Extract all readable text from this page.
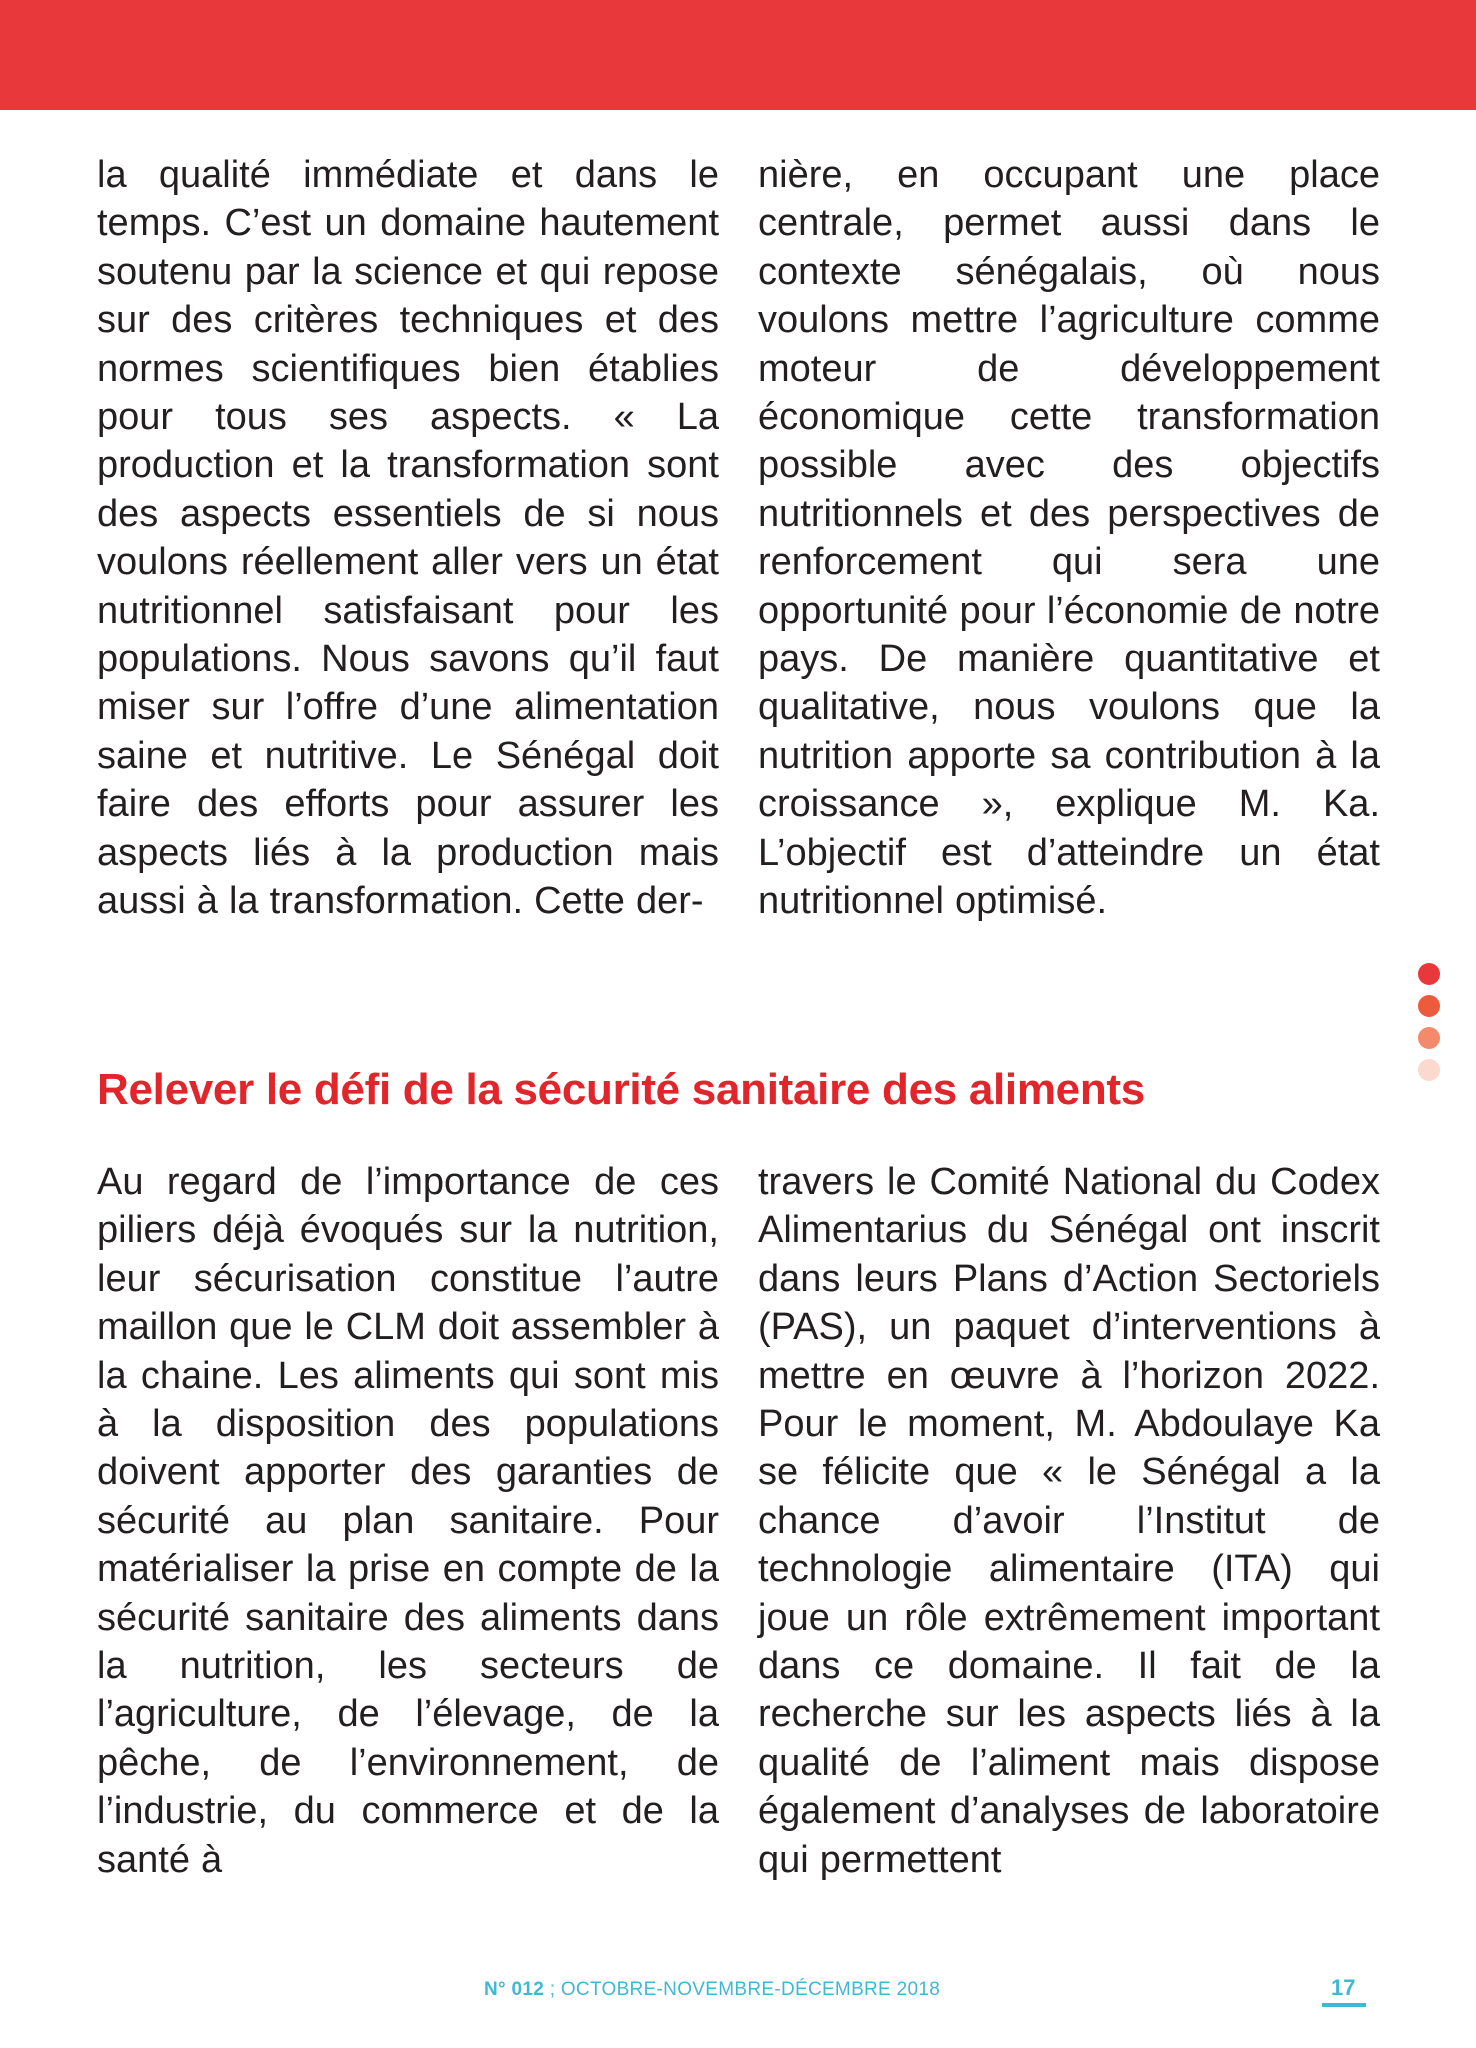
la qualité immédiate et dans le temps. C’est un domaine hautement soutenu par la science et qui repose sur des critères techniques et des normes scientifiques bien établies pour tous ses aspects. « La production et la transformation sont des aspects essentiels de si nous voulons réellement aller vers un état nutritionnel satisfaisant pour les populations. Nous savons qu’il faut miser sur l’offre d’une alimentation saine et nutritive. Le Sénégal doit faire des efforts pour assurer les aspects liés à la production mais aussi à la transformation. Cette der-

nière, en occupant une place centrale, permet aussi dans le contexte sénégalais, où nous voulons mettre l’agriculture comme moteur de développement économique cette transformation possible avec des objectifs nutritionnels et des perspectives de renforcement qui sera une opportunité pour l’économie de notre pays. De manière quantitative et qualitative, nous voulons que la nutrition apporte sa contribution à la croissance », explique M. Ka. L’objectif est d’atteindre un état nutritionnel optimisé.

Relever le défi de la sécurité sanitaire des aliments

Au regard de l’importance de ces piliers déjà évoqués sur la nutrition, leur sécurisation constitue l’autre maillon que le CLM doit assembler à la chaine. Les aliments qui sont mis à la disposition des populations doivent apporter des garanties de sécurité au plan sanitaire. Pour matérialiser la prise en compte de la sécurité sanitaire des aliments dans la nutrition, les secteurs de l’agriculture, de l’élevage, de la pêche, de l’environnement, de l’industrie, du commerce et de la santé à

travers le Comité National du Codex Alimentarius du Sénégal ont inscrit dans leurs Plans d’Action Sectoriels (PAS), un paquet d’interventions à mettre en œuvre à l’horizon 2022. Pour le moment, M. Abdoulaye Ka se félicite que « le Sénégal a la chance d’avoir l’Institut de technologie alimentaire (ITA) qui joue un rôle extrêmement important dans ce domaine. Il fait de la recherche sur les aspects liés à la qualité de l’aliment mais dispose également d’analyses de laboratoire qui permettent

N° 012 ; OCTOBRE-NOVEMBRE-DÉCEMBRE 2018	17
